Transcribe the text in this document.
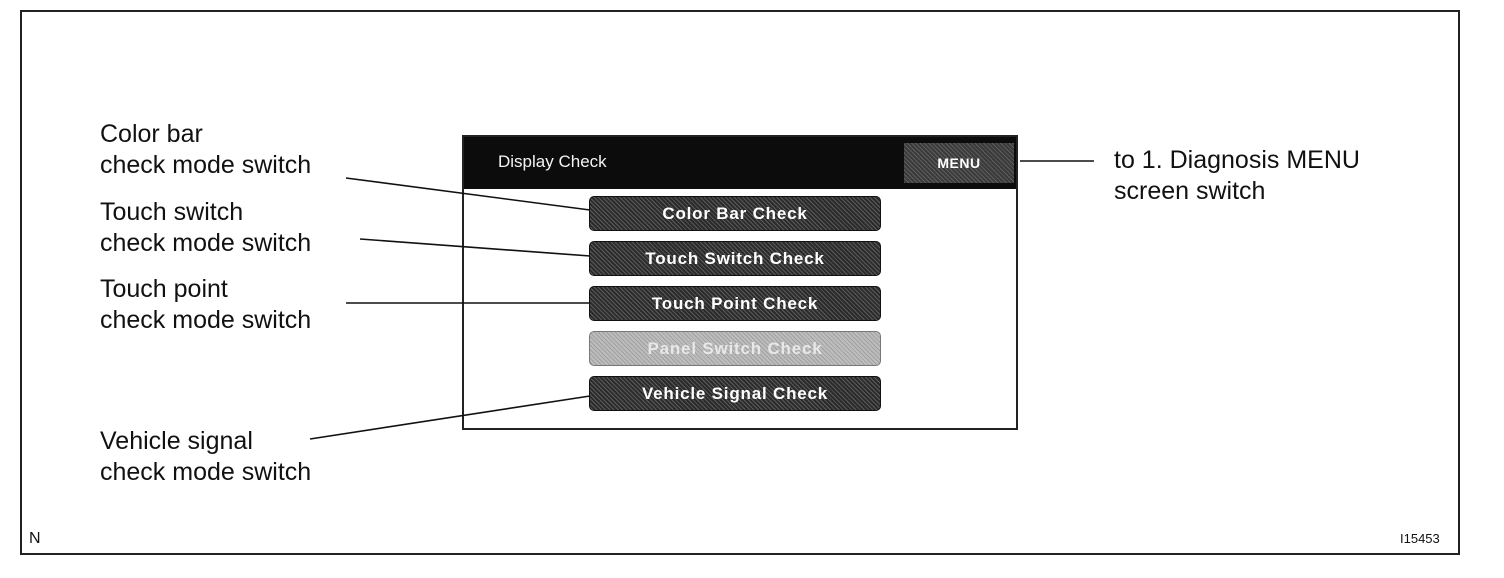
Color bar
check mode switch
Touch switch
check mode switch
Touch point
check mode switch
Vehicle signal
check mode switch
to 1. Diagnosis MENU
screen switch
Display Check	MENU
Color Bar Check
Touch Switch Check
Touch Point Check
Panel Switch Check
Vehicle Signal Check
N	I15453
